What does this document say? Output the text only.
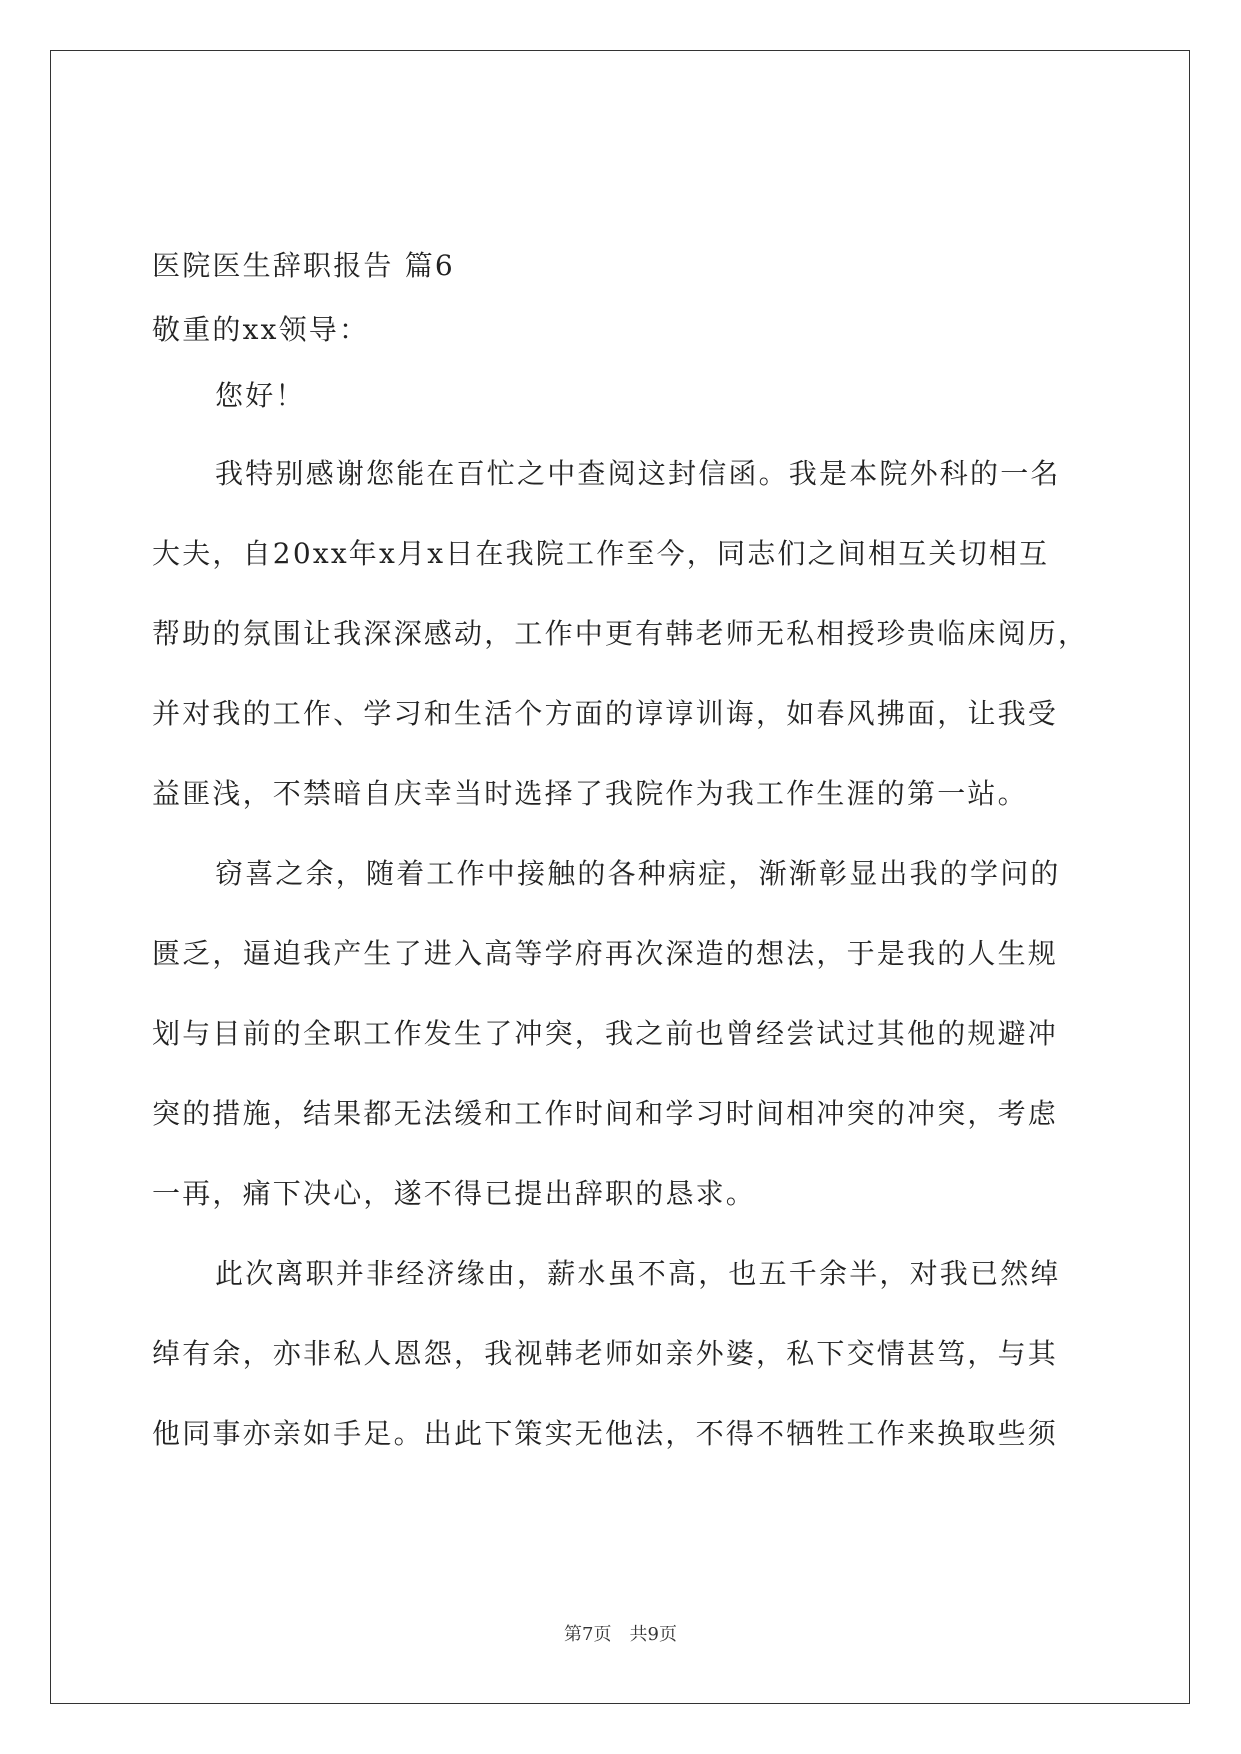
医院医生辞职报告 篇6
敬重的xx领导：
您好！
我特别感谢您能在百忙之中查阅这封信函。我是本院外科的一名
大夫，自20xx年x月x日在我院工作至今，同志们之间相互关切相互
帮助的氛围让我深深感动，工作中更有韩老师无私相授珍贵临床阅历，
并对我的工作、学习和生活个方面的谆谆训诲，如春风拂面，让我受
益匪浅，不禁暗自庆幸当时选择了我院作为我工作生涯的第一站。
窃喜之余，随着工作中接触的各种病症，渐渐彰显出我的学问的
匮乏，逼迫我产生了进入高等学府再次深造的想法，于是我的人生规
划与目前的全职工作发生了冲突，我之前也曾经尝试过其他的规避冲
突的措施，结果都无法缓和工作时间和学习时间相冲突的冲突，考虑
一再，痛下决心，遂不得已提出辞职的恳求。
此次离职并非经济缘由，薪水虽不高，也五千余半，对我已然绰
绰有余，亦非私人恩怨，我视韩老师如亲外婆，私下交情甚笃，与其
他同事亦亲如手足。出此下策实无他法，不得不牺牲工作来换取些须
第7页　共9页
